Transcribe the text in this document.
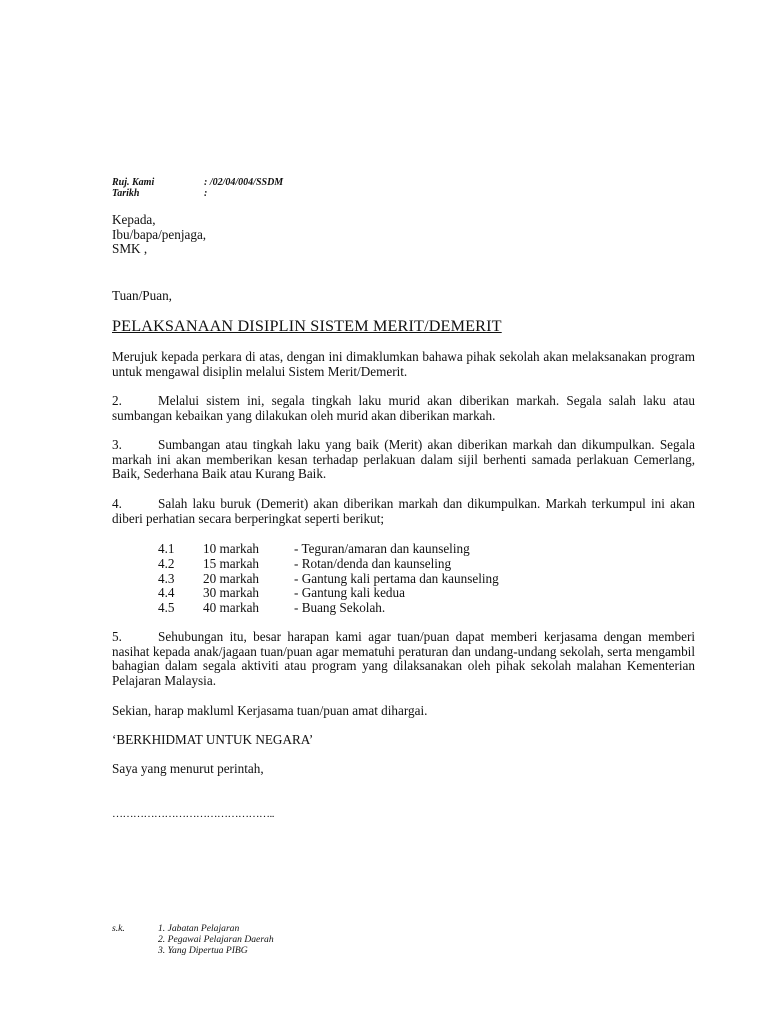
Ruj. Kami	: /02/04/004/SSDM
Tarikh	:
Kepada,
Ibu/bapa/penjaga,
SMK ,
Tuan/Puan,
PELAKSANAAN DISIPLIN SISTEM MERIT/DEMERIT
Merujuk kepada perkara di atas, dengan ini dimaklumkan bahawa pihak sekolah akan melaksanakan program untuk mengawal disiplin melalui Sistem Merit/Demerit.
2.	Melalui sistem ini, segala tingkah laku murid akan diberikan markah. Segala salah laku atau sumbangan kebaikan yang dilakukan oleh murid akan diberikan markah.
3.	Sumbangan atau tingkah laku yang baik (Merit) akan diberikan markah dan dikumpulkan. Segala markah ini akan memberikan kesan terhadap perlakuan dalam sijil berhenti samada perlakuan Cemerlang, Baik, Sederhana Baik atau Kurang Baik.
4.	Salah laku buruk (Demerit) akan diberikan markah dan dikumpulkan. Markah terkumpul ini akan diberi perhatian secara berperingkat seperti berikut;
4.1	10 markah	- Teguran/amaran dan kaunseling
4.2	15 markah	- Rotan/denda dan kaunseling
4.3	20 markah	- Gantung kali pertama dan kaunseling
4.4	30 markah	- Gantung kali kedua
4.5	40 markah	- Buang Sekolah.
5.	Sehubungan itu, besar harapan kami agar tuan/puan dapat memberi kerjasama dengan memberi nasihat kepada anak/jagaan tuan/puan agar mematuhi peraturan dan undang-undang sekolah, serta mengambil bahagian dalam segala aktiviti atau program yang dilaksanakan oleh pihak sekolah malahan Kementerian Pelajaran Malaysia.
Sekian, harap makluml Kerjasama tuan/puan amat dihargai.
‘BERKHIDMAT UNTUK NEGARA’
Saya yang menurut perintah,
………………………………………..
s.k.	1. Jabatan Pelajaran
2. Pegawai Pelajaran Daerah
3. Yang Dipertua PIBG
